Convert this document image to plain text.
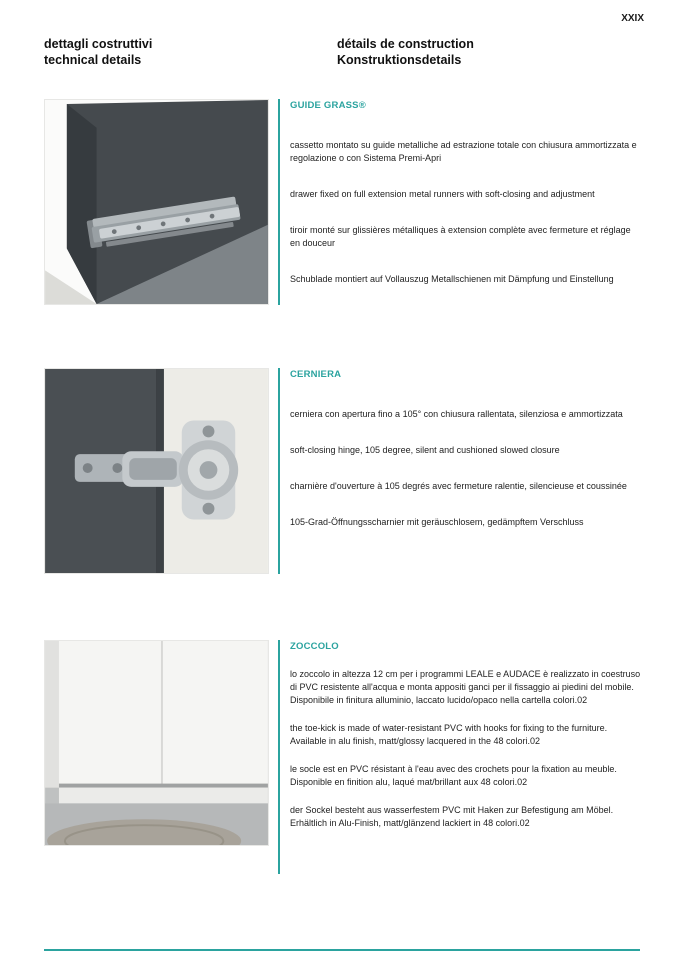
XXIX
dettagli costruttivi
technical details
détails de construction
Konstruktionsdetails
GUIDE GRASS®

cassetto montato su guide metalliche ad estrazione totale con chiusura ammortizzata e regolazione o con Sistema Premi-Apri

drawer fixed on full extension metal runners with soft-closing and adjustment

tiroir monté sur glissières métalliques à extension complète avec fermeture et réglage en douceur

Schublade montiert auf Vollauszug Metallschienen mit Dämpfung und Einstellung

CERNIERA

cerniera con apertura fino a 105° con chiusura rallentata, silenziosa e ammortizzata

soft-closing hinge, 105 degree, silent and cushioned slowed closure

charnière d'ouverture à 105 degrés avec fermeture ralentie, silencieuse et coussinée

105-Grad-Öffnungsscharnier mit geräuschlosem, gedämpftem Verschluss

ZOCCOLO

lo zoccolo in altezza 12 cm per i programmi LEALE e AUDACE è realizzato in coestruso di PVC resistente all'acqua e monta appositi ganci per il fissaggio ai piedini del mobile. Disponibile in finitura alluminio, laccato lucido/opaco nella cartella colori.02

the toe-kick is made of water-resistant PVC with hooks for fixing to the furniture. Available in alu finish, matt/glossy lacquered in the 48 colori.02

le socle est en PVC résistant à l'eau avec des crochets pour la fixation au meuble. Disponible en finition alu, laqué mat/brillant aux 48 colori.02

der Sockel besteht aus wasserfestem PVC mit Haken zur Befestigung am Möbel. Erhältlich in Alu-Finish, matt/glänzend lackiert in 48 colori.02
